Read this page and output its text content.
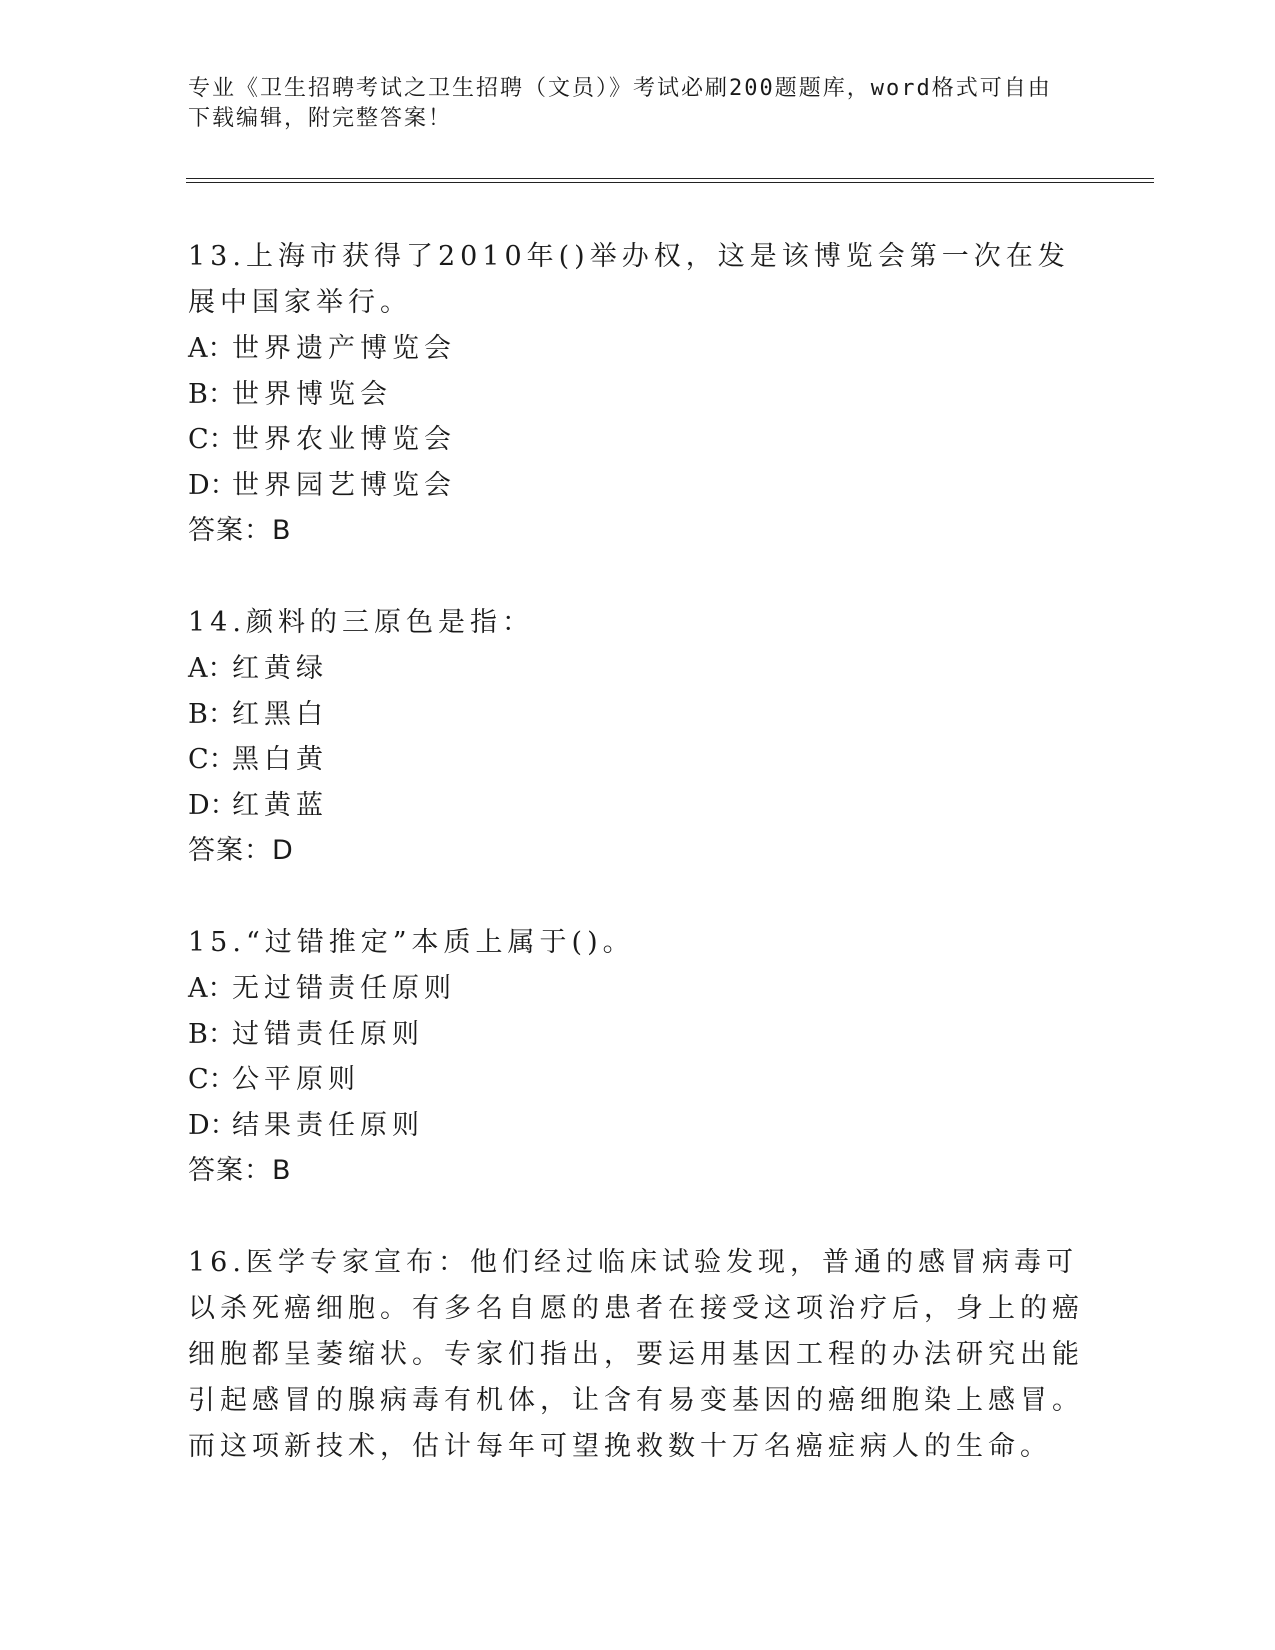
专业《卫生招聘考试之卫生招聘（文员）》考试必刷200题题库，word格式可自由下载编辑，附完整答案！

13.上海市获得了2010年()举办权，这是该博览会第一次在发展中国家举行。

A：世界遗产博览会

B：世界博览会

C：世界农业博览会

D：世界园艺博览会

答案：B

14.颜料的三原色是指：

A：红黄绿

B：红黑白

C：黑白黄

D：红黄蓝

答案：D

15.“过错推定”本质上属于()。

A：无过错责任原则

B：过错责任原则

C：公平原则

D：结果责任原则

答案：B

16.医学专家宣布：他们经过临床试验发现，普通的感冒病毒可以杀死癌细胞。有多名自愿的患者在接受这项治疗后，身上的癌细胞都呈萎缩状。专家们指出，要运用基因工程的办法研究出能引起感冒的腺病毒有机体，让含有易变基因的癌细胞染上感冒。而这项新技术，估计每年可望挽救数十万名癌症病人的生命。
